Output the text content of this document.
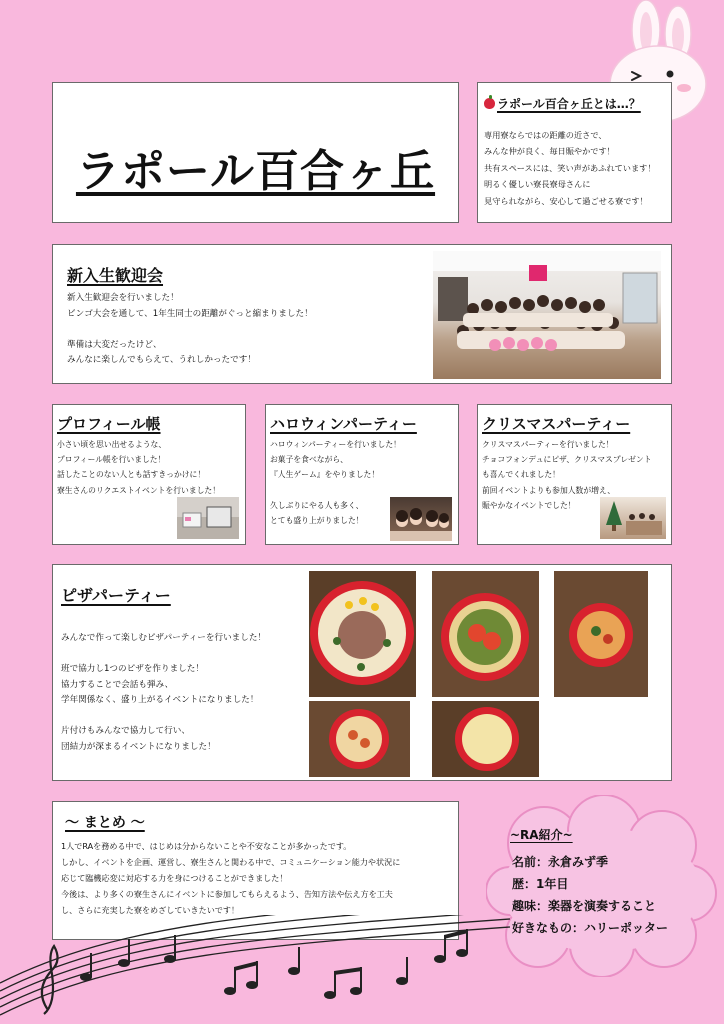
ラポール百合ヶ丘
ラポール百合ヶ丘とは…？
専用寮ならではの距離の近さで、
みんな仲が良く、毎日賑やかです！
共有スペースには、笑い声があふれています！
明るく優しい寮長寮母さんに
見守られながら、安心して過ごせる寮です！
新入生歓迎会
新入生歓迎会を行いました！
ビンゴ大会を通して、1年生同士の距離がぐっと縮まりました！

準備は大変だったけど、
みんなに楽しんでもらえて、うれしかったです！
プロフィール帳
小さい頃を思い出せるような、
プロフィール帳を行いました！
話したことのない人とも話すきっかけに！
寮生さんのリクエストイベントを行いました！
ハロウィンパーティー
ハロウィンパーティーを行いました！
お菓子を食べながら、
『人生ゲーム』をやりました！

久しぶりにやる人も多く、
とても盛り上がりました！
クリスマスパーティー
クリスマスパーティーを行いました！
チョコフォンデュにピザ、クリスマスプレゼント
も喜んでくれました！
前回イベントよりも参加人数が増え、
賑やかなイベントでした！
ピザパーティー
みんなで作って楽しむピザパーティーを行いました！

班で協力し1つのピザを作りました！
協力することで会話も弾み、
学年関係なく、盛り上がるイベントになりました！

片付けもみんなで協力して行い、
団結力が深まるイベントになりました！
～ まとめ ～
1人でRAを務める中で、はじめは分からないことや不安なことが多かったです。
しかし、イベントを企画、運営し、寮生さんと関わる中で、コミュニケーション能力や状況に
応じて臨機応変に対応する力を身につけることができました！
今後は、より多くの寮生さんにイベントに参加してもらえるよう、告知方法や伝え方を工夫
し、さらに充実した寮をめざしていきたいです！
~RA紹介~
名前：永倉みず季
歴：1年目
趣味：楽器を演奏すること
好きなもの：ハリーポッター
